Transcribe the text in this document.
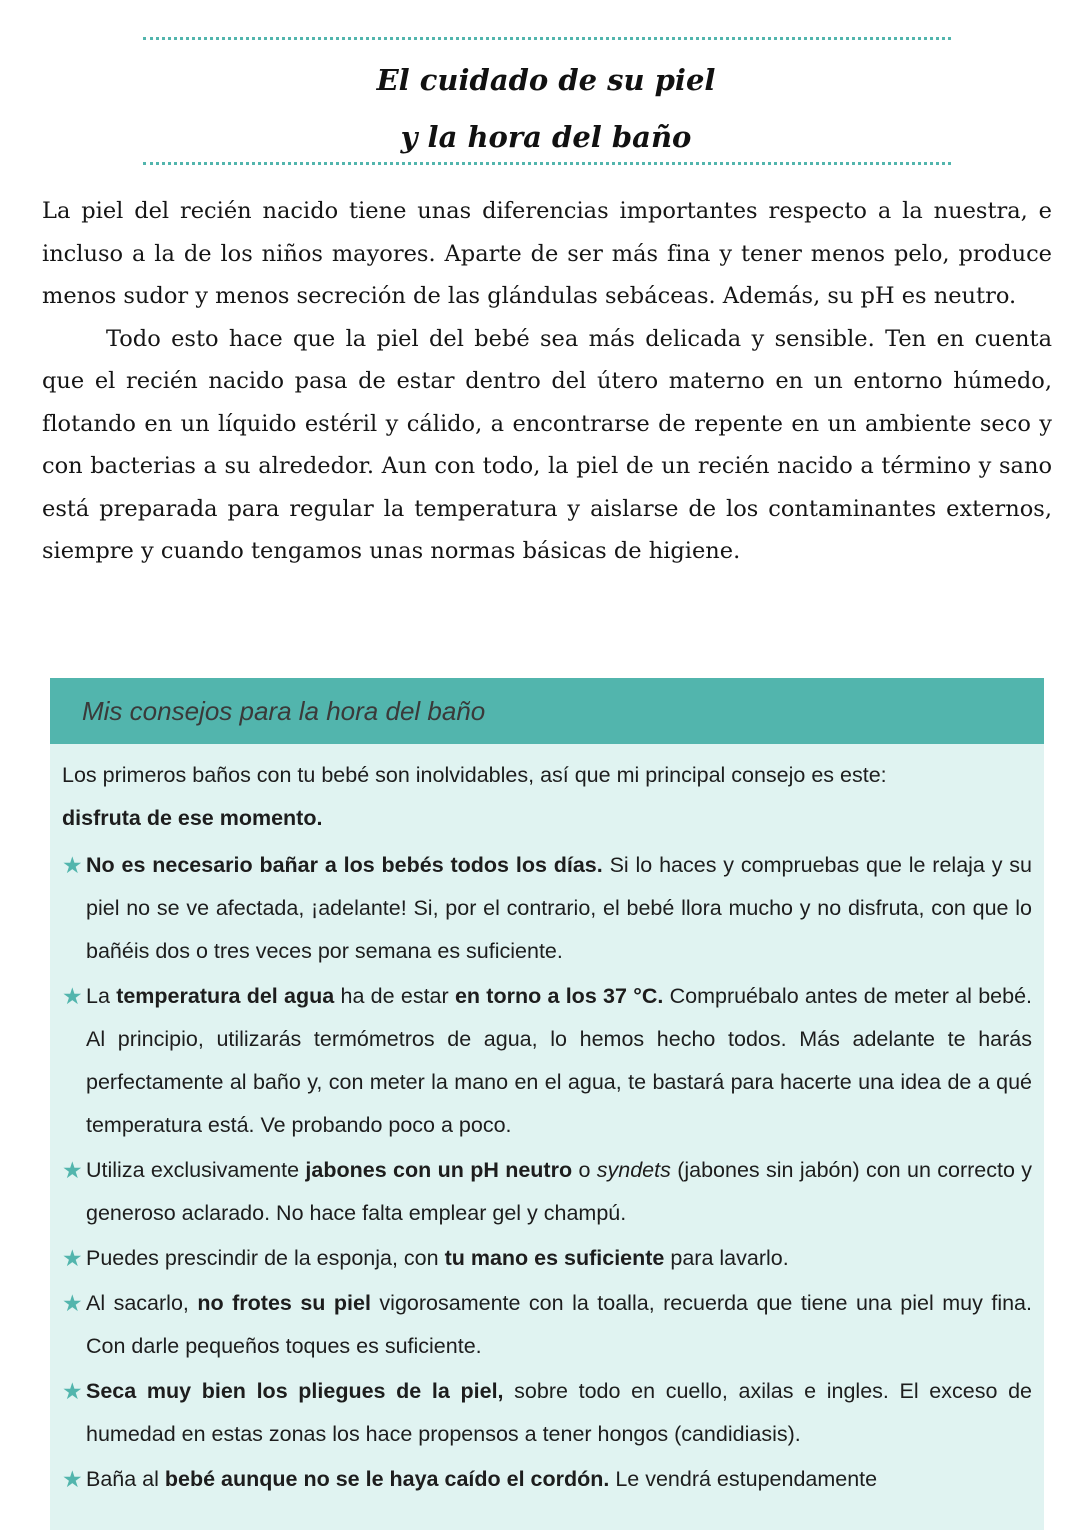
El cuidado de su piel
y la hora del baño

La piel del recién nacido tiene unas diferencias importantes respecto a la nuestra, e incluso a la de los niños mayores. Aparte de ser más fina y tener menos pelo, produce menos sudor y menos secreción de las glándulas sebáceas. Además, su pH es neutro.

Todo esto hace que la piel del bebé sea más delicada y sensible. Ten en cuenta que el recién nacido pasa de estar dentro del útero materno en un entorno húmedo, flotando en un líquido estéril y cálido, a encontrarse de repente en un ambiente seco y con bacterias a su alrededor. Aun con todo, la piel de un recién nacido a término y sano está preparada para regular la temperatura y aislarse de los contaminantes externos, siempre y cuando tengamos unas normas básicas de higiene.

Mis consejos para la hora del baño

Los primeros baños con tu bebé son inolvidables, así que mi principal consejo es este:
disfruta de ese momento.

★ No es necesario bañar a los bebés todos los días. Si lo haces y compruebas que le relaja y su piel no se ve afectada, ¡adelante! Si, por el contrario, el bebé llora mucho y no disfruta, con que lo bañéis dos o tres veces por semana es suficiente.

★ La temperatura del agua ha de estar en torno a los 37 °C. Compruébalo antes de meter al bebé. Al principio, utilizarás termómetros de agua, lo hemos hecho todos. Más adelante te harás perfectamente al baño y, con meter la mano en el agua, te bastará para hacerte una idea de a qué temperatura está. Ve probando poco a poco.

★ Utiliza exclusivamente jabones con un pH neutro o syndets (jabones sin jabón) con un correcto y generoso aclarado. No hace falta emplear gel y champú.

★ Puedes prescindir de la esponja, con tu mano es suficiente para lavarlo.

★ Al sacarlo, no frotes su piel vigorosamente con la toalla, recuerda que tiene una piel muy fina. Con darle pequeños toques es suficiente.

★ Seca muy bien los pliegues de la piel, sobre todo en cuello, axilas e ingles. El exceso de humedad en estas zonas los hace propensos a tener hongos (candidiasis).

★ Baña al bebé aunque no se le haya caído el cordón. Le vendrá estupendamente
